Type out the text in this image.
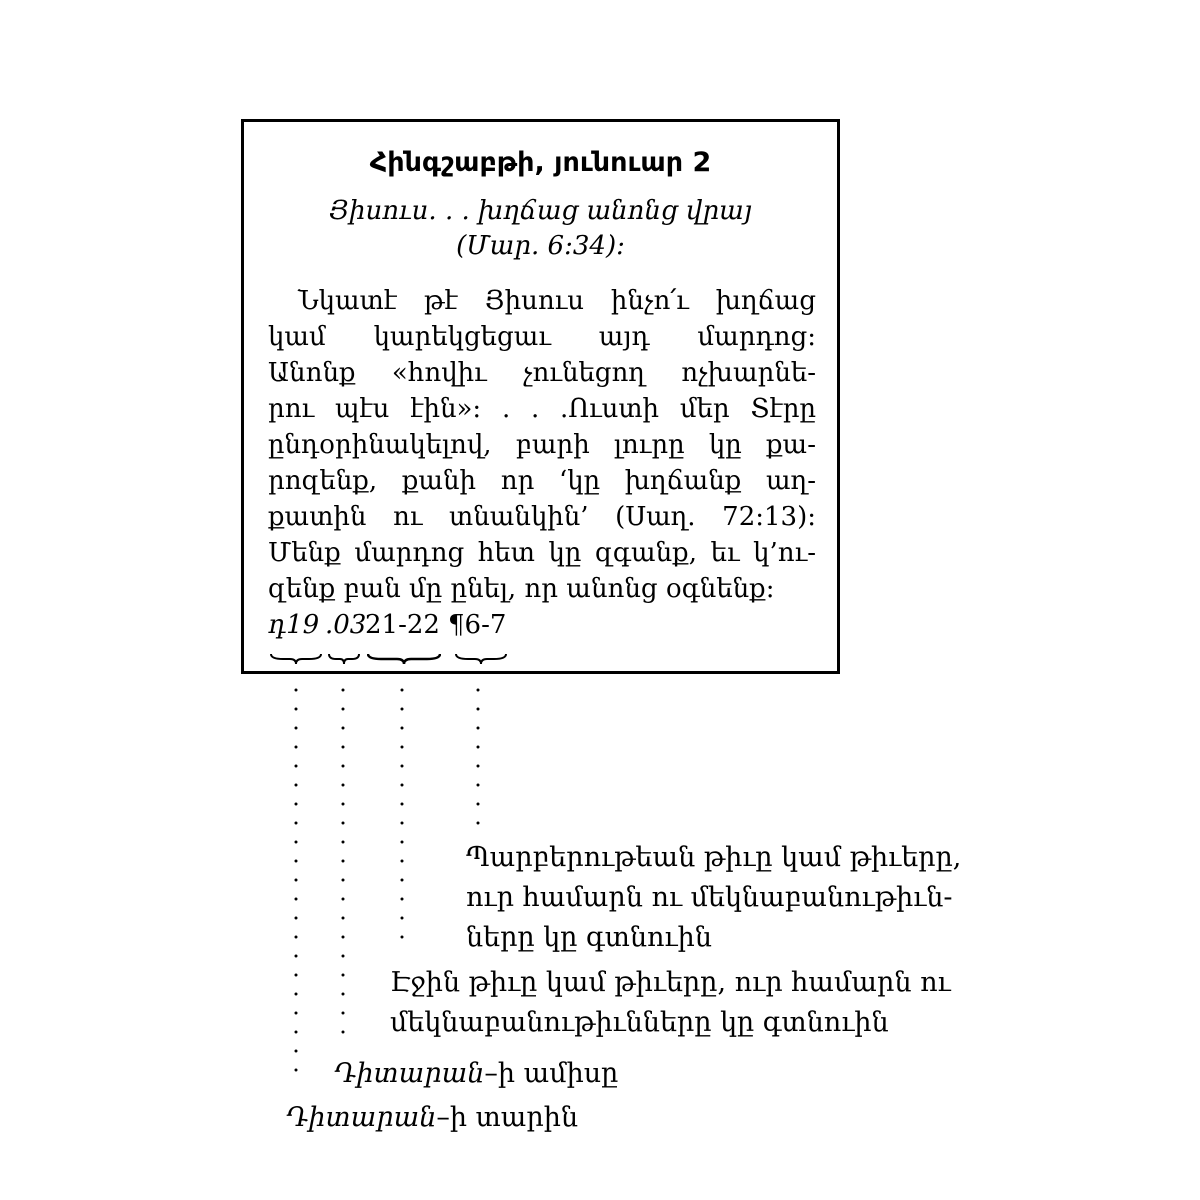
Հինգշաբթի, յունուար 2
Յիսուս. . . խղճաց անոնց վրայ
(Մար. 6:34):
Նկատէ թէ Յիսուս ինչո՛ւ խղճաց
կամ կարեկցեցաւ այդ մարդոց:
Անոնք «հովիւ չունեցող ոչխարնե-
րու պէս էին»: . . .Ուստի մեր Տէրը
ընդօրինակելով, բարի լուրը կը քա-
րոզենք, քանի որ ‘կը խղճանք աղ-
քատին ու տնանկին’ (Սաղ. 72:13):
Մենք մարդոց հետ կը զգանք, եւ կ’ու-
զենք բան մը ընել, որ անոնց օգնենք:
դ19 .03
21-22 ¶6-7
Պարբերութեան թիւը կամ թիւերը,
ուր համարն ու մեկնաբանութիւն-
ները կը գտնուին
Էջին թիւը կամ թիւերը, ուր համարն ու
մեկնաբանութիւնները կը գտնուին
Դիտարան–ի ամիսը
Դիտարան–ի տարին
